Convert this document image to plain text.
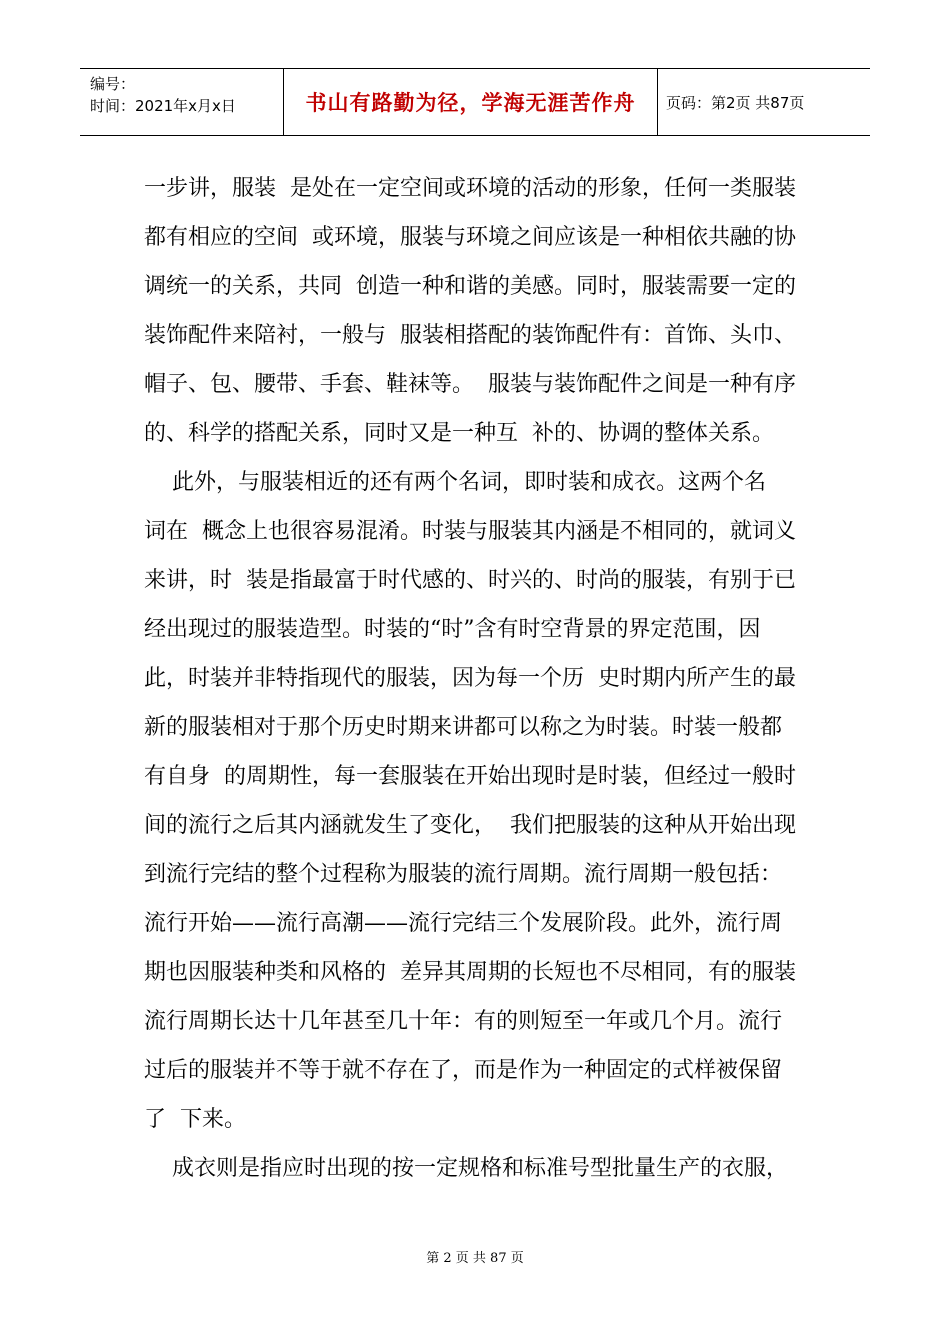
编号：
时间：2021年x月x日	书山有路勤为径，学海无涯苦作舟 页码：第2页 共87页
一步讲，服装  是处在一定空间或环境的活动的形象，任何一类服装
都有相应的空间  或环境，服装与环境之间应该是一种相依共融的协
调统一的关系，共同  创造一种和谐的美感。同时，服装需要一定的
装饰配件来陪衬，一般与  服装相搭配的装饰配件有：首饰、头巾、
帽子、包、腰带、手套、鞋袜等。  服装与装饰配件之间是一种有序
的、科学的搭配关系，同时又是一种互  补的、协调的整体关系。
此外，与服装相近的还有两个名词，即时装和成衣。这两个名
词在  概念上也很容易混淆。时装与服装其内涵是不相同的，就词义
来讲，时  装是指最富于时代感的、时兴的、时尚的服装，有别于已
经出现过的服装造型。时装的“时”含有时空背景的界定范围，因
此，时装并非特指现代的服装，因为每一个历  史时期内所产生的最
新的服装相对于那个历史时期来讲都可以称之为时装。时装一般都
有自身  的周期性，每一套服装在开始出现时是时装，但经过一般时
间的流行之后其内涵就发生了变化，  我们把服装的这种从开始出现
到流行完结的整个过程称为服装的流行周期。流行周期一般包括：
流行开始——流行高潮——流行完结三个发展阶段。此外，流行周
期也因服装种类和风格的  差异其周期的长短也不尽相同，有的服装
流行周期长达十几年甚至几十年：有的则短至一年或几个月。流行
过后的服装并不等于就不存在了，而是作为一种固定的式样被保留
了  下来。
成衣则是指应时出现的按一定规格和标准号型批量生产的衣服，
第 2 页 共 87 页
